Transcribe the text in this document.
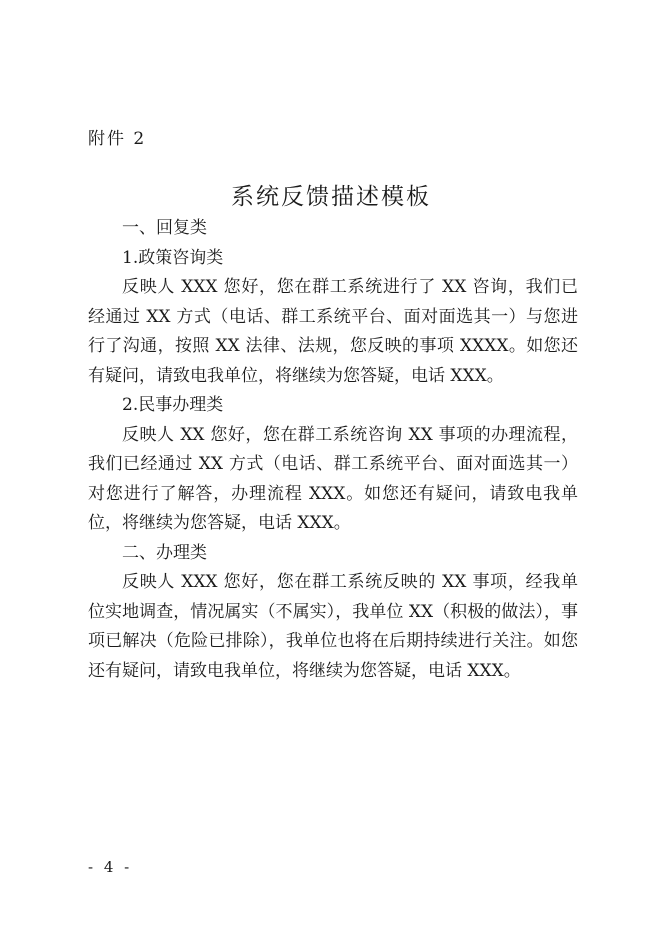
附件 2
系统反馈描述模板

一、回复类

1.政策咨询类

反映人 XXX 您好，您在群工系统进行了 XX 咨询，我们已经通过 XX 方式（电话、群工系统平台、面对面选其一）与您进行了沟通，按照 XX 法律、法规，您反映的事项 XXXX。如您还有疑问，请致电我单位，将继续为您答疑，电话 XXX。

2.民事办理类

反映人 XX 您好，您在群工系统咨询 XX 事项的办理流程，我们已经通过 XX 方式（电话、群工系统平台、面对面选其一）对您进行了解答，办理流程 XXX。如您还有疑问，请致电我单 位，将继续为您答疑，电话 XXX。

二、办理类

反映人 XXX 您好，您在群工系统反映的 XX 事项，经我单位实地调查，情况属实（不属实），我单位 XX（积极的做法），事项已解决（危险已排除），我单位也将在后期持续进行关注。如您还有疑问，请致电我单位，将继续为您答疑，电话 XXX。

- 4 -
